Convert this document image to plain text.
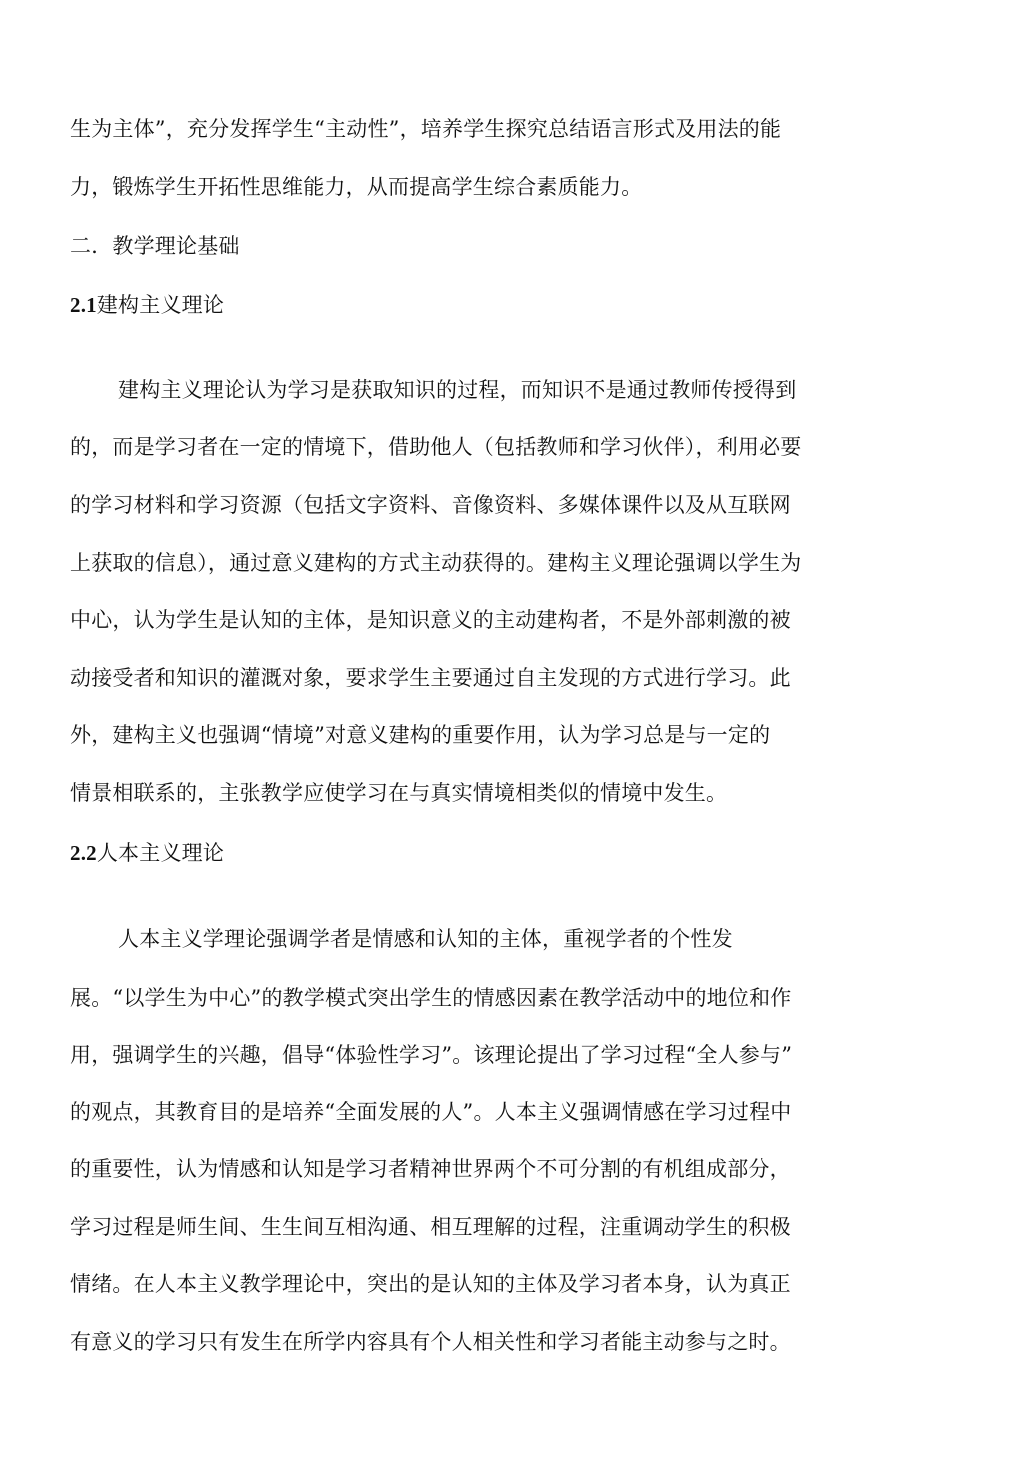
生为主体”，充分发挥学生“主动性”，培养学生探究总结语言形式及用法的能
力，锻炼学生开拓性思维能力，从而提高学生综合素质能力。
二．教学理论基础
2.1建构主义理论
建构主义理论认为学习是获取知识的过程，而知识不是通过教师传授得到
的，而是学习者在一定的情境下，借助他人（包括教师和学习伙伴），利用必要
的学习材料和学习资源（包括文字资料、音像资料、多媒体课件以及从互联网
上获取的信息），通过意义建构的方式主动获得的。建构主义理论强调以学生为
中心，认为学生是认知的主体，是知识意义的主动建构者，不是外部刺激的被
动接受者和知识的灌溉对象，要求学生主要通过自主发现的方式进行学习。此
外，建构主义也强调“情境”对意义建构的重要作用，认为学习总是与一定的
情景相联系的，主张教学应使学习在与真实情境相类似的情境中发生。
2.2人本主义理论
人本主义学理论强调学者是情感和认知的主体，重视学者的个性发
展。“以学生为中心”的教学模式突出学生的情感因素在教学活动中的地位和作
用，强调学生的兴趣，倡导“体验性学习”。该理论提出了学习过程“全人参与”
的观点，其教育目的是培养“全面发展的人”。人本主义强调情感在学习过程中
的重要性，认为情感和认知是学习者精神世界两个不可分割的有机组成部分，
学习过程是师生间、生生间互相沟通、相互理解的过程，注重调动学生的积极
情绪。在人本主义教学理论中，突出的是认知的主体及学习者本身，认为真正
有意义的学习只有发生在所学内容具有个人相关性和学习者能主动参与之时。
